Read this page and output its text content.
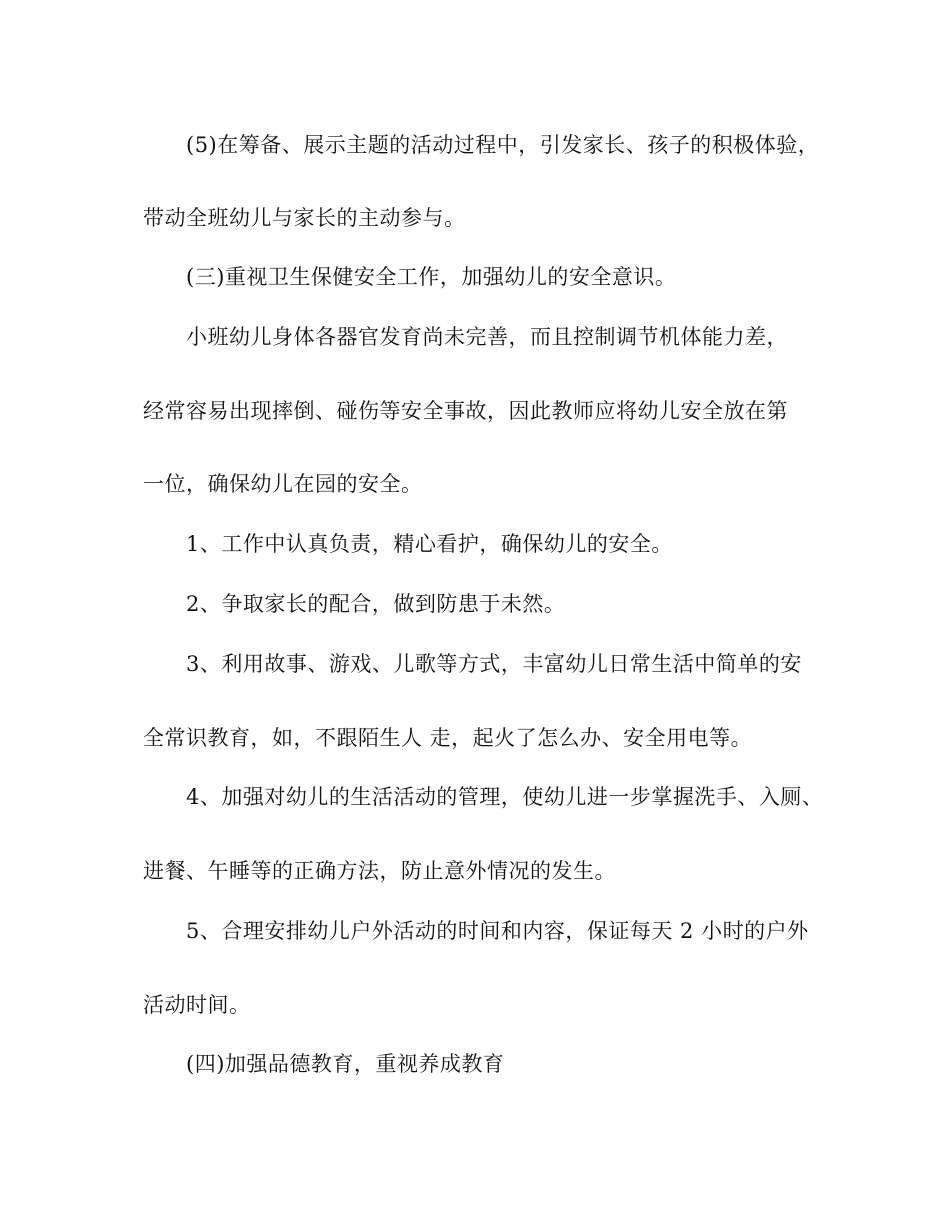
(5)在筹备、展示主题的活动过程中，引发家长、孩子的积极体验，
带动全班幼儿与家长的主动参与。
(三)重视卫生保健安全工作，加强幼儿的安全意识。
小班幼儿身体各器官发育尚未完善，而且控制调节机体能力差，
经常容易出现摔倒、碰伤等安全事故，因此教师应将幼儿安全放在第
一位，确保幼儿在园的安全。
1、工作中认真负责，精心看护，确保幼儿的安全。
2、争取家长的配合，做到防患于未然。
3、利用故事、游戏、儿歌等方式，丰富幼儿日常生活中简单的安
全常识教育，如，不跟陌生人 走，起火了怎么办、安全用电等。
4、加强对幼儿的生活活动的管理，使幼儿进一步掌握洗手、入厕、
进餐、午睡等的正确方法，防止意外情况的发生。
5、合理安排幼儿户外活动的时间和内容，保证每天 2 小时的户外
活动时间。
(四)加强品德教育，重视养成教育
